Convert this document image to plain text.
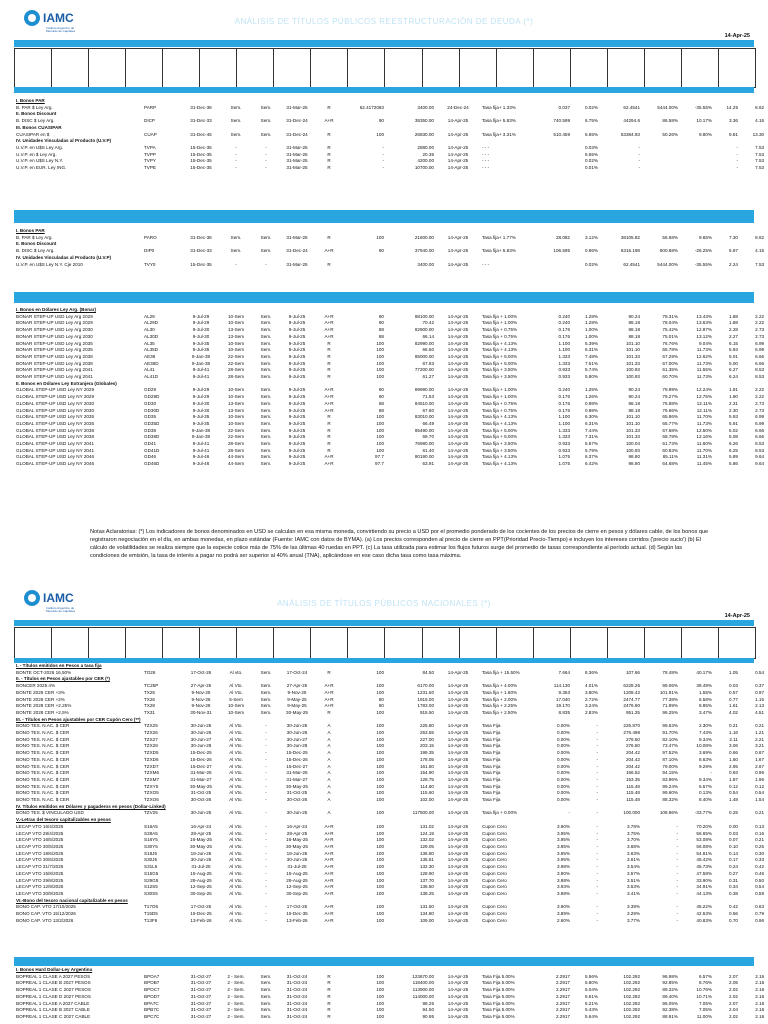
IAMC
Instituto Argentino de Mercado de Capitales
ANÁLISIS DE TÍTULOS PÚBLICOS REESTRUCTURACIÓN DE DEUDA (*)
14-Apr-25
I. Bonos PAR																	
B. PAR $ Ley Arg.	PARP	31-Dec-38	Sem.	Sem.	31-Mar-25	R	62.4172083	3400.00	24-Dec-24	Tasa fija+ 1.33%	0.037	0.02%	62.4541	5444.00%	-35.55%	14.25	8.62
II. Bonos Discount																	
B. DISC $ Ley Arg.	DICP	31-Dec-33	Sem.	Sem.	31-Dec-24	A+R	90	38350.00	14-Apr-25	Tasa fija+ 5.83%	740.599	6.75%	44294.6	86.58%	10.17%	3.36	4.16
III. Bonos CUASIPAR																	
CUASIPAR en $	CUAP	31-Dec-45	Sem.	Sem.	31-Dec-24	R	100	26830.00	14-Apr-25	Tasa fija+ 3.31%	510.459	6.65%	53384.93	50.26%	9.80%	9.81	13.30
IV. Unidades Vinculadas al Producto (U.V.P)																	
U.V.P. en U$S Ley Arg.	TVPA	15-Dec-35	-	-	31-Mar-25	R	-	2880.00	14-Apr-25	- - -		0.03%	-			-	7.53
U.V.P. en $ Ley Arg.	TVPP	15-Dec-35	-	-	31-Mar-25	R	-	20.35	14-Apr-25	- - -		6.55%	-			-	7.53
U.V.P. en U$S Ley N.Y.	TVPY	15-Dec-35	-	-	31-Mar-25	R	-	4200.00	14-Apr-25	- - -		0.02%	-			-	7.53
U.V.P. en EUR. Ley ING.	TVPE	15-Dec-35	-	-	31-Mar-25	R	-	10700.00	14-Apr-25	- - -		0.01%	-			-	7.53
I. Bonos PAR																	
B. PAR $ Ley Arg.	PARO	31-Dec-38	Sem.	Sem.	31-Mar-25	R	100	21600.00	14-Apr-25	Tasa fija+ 1.77%	28.082	3.12%	38105.82	56.68%	9.65%	7.30	8.62
II. Bonos Discount																	
B. DISC $ Ley Arg.	DIP0	31-Dec-33	Sem.	Sem.	31-Dec-24	A+R	90	37940.00	14-Apr-25	Tasa fija+ 5.83%	106.595	0.96%	6316.198	600.68%	-26.25%	6.97	4.15
IV. Unidades Vinculadas al Producto (U.V.P)																	
U.V.P. en U$S Ley N.Y. Cje 2010	TVY0	15-Dec-35	-	-	31-Mar-25	R		3400.00	14-Apr-25	- - -		0.02%	62.4541	5444.00%	-35.55%	2.24	7.53
I. Bonos en Dólares Ley Arg. (Bonar)																	
BONAR STEP-UP USD Ley Arg 2029	AL29	9-Jul-29	10-Sem	Sem.	9-Jul-25	A+R	90	88100.00	14-Apr-25	Tasa fija + 1.00%	0.240	1.28%	90.24	78.31%	13.43%	1.88	2.22
BONAR STEP-UP USD Ley Arg 2029	AL29D	9-Jul-29	10-Sem	Sem.	9-Jul-25	A+R	90	70.42	14-Apr-25	Tasa fija + 1.00%	0.240	1.28%	88.18	78.04%	13.63%	1.88	2.22
BONAR STEP-UP USD Ley Arg 2030	AL30	9-Jul-30	13-Sem	Sem.	9-Jul-25	A+R	88	82900.00	14-Apr-25	Tasa fija + 0.75%	0.176	1.00%	88.18	75.42%	12.87%	2.28	2.73
BONAR STEP-UP USD Ley Arg 2030	AL30D	9-Jul-30	13-Sem	Sem.	9-Jul-25	A+R	88	66.14	14-Apr-25	Tasa fija + 0.75%	0.176	1.00%	88.18	75.01%	13.12%	2.27	2.73
BONAR STEP-UP USD Ley Arg 2035	AL35	9-Jul-35	10-Sem	Sem.	9-Jul-25	R	100	82990.00	14-Apr-25	Tasa fija + 4.13%	1.100	5.39%	101.10	76.76%	9.04%	6.15	6.99
BONAR STEP-UP USD Ley Arg 2035	AL35D	9-Jul-35	10-Sem	Sem.	9-Jul-25	R	100	66.50	14-Apr-25	Tasa fija + 4.13%	1.100	6.31%	101.10	65.78%	11.73%	5.93	6.99
BONAR STEP-UP USD Ley Arg 2038	AE38	9-Jan-38	22-Sem	Sem.	9-Jul-25	R	100	85000.00	14-Apr-25	Tasa fija + 5.00%	1.333	7.48%	101.33	67.29%	12.62%	5.01	6.66
BONAR STEP-UP USD Ley Arg 2038	AE38D	9-Jan-38	22-Sem	Sem.	9-Jul-25	R	100	67.83	14-Apr-25	Tasa fija + 5.00%	1.333	7.51%	101.33	67.00%	11.73%	5.00	6.66
BONAR STEP-UP USD Ley Arg 2041	AL41	9-Jul-41	28-Sem	Sem.	9-Jul-25	R	100	77200.00	14-Apr-25	Tasa fija + 3.50%	0.933	5.74%	100.93	61.35%	11.55%	6.27	8.53
BONAR STEP-UP USD Ley Arg 2041	AL41D	9-Jul-41	28-Sem	Sem.	9-Jul-25	R	100	61.27	14-Apr-25	Tasa fija + 3.50%	0.933	5.80%	100.93	60.70%	11.73%	6.24	8.53
II. Bonos en Dólares Ley Extranjera (Globales)																	
GLOBAL STEP-UP USD Ley NY 2029	GD29	9-Jul-29	10-Sem	Sem.	9-Jul-25	A+R	90	89990.00	14-Apr-25	Tasa fija + 1.00%	0.240	1.25%	90.24	79.99%	12.24%	1.91	2.22
GLOBAL STEP-UP USD Ley NY 2029	GD29D	9-Jul-29	10-Sem	Sem.	9-Jul-25	A+R	90	71.53	14-Apr-25	Tasa fija + 1.00%	0.176	1.26%	90.24	79.27%	12.75%	1.90	2.22
GLOBAL STEP-UP USD Ley NY 2030	GD30	9-Jul-30	13-Sem	Sem.	9-Jul-25	A+R	88	84510.00	14-Apr-25	Tasa fija + 0.75%	0.176	0.98%	88.18	76.88%	12.11%	2.31	2.73
GLOBAL STEP-UP USD Ley NY 2030	GD30D	9-Jul-30	13-Sem	Sem.	9-Jul-25	A+R	88	67.60	14-Apr-25	Tasa fija + 0.75%	0.176	0.98%	88.18	76.66%	12.11%	2.30	2.73
GLOBAL STEP-UP USD Ley NY 2035	GD35	9-Jul-35	10-Sem	Sem.	9-Jul-25	R	100	83010.00	14-Apr-25	Tasa fija + 4.13%	1.100	6.30%	101.10	65.86%	11.70%	5.93	6.99
GLOBAL STEP-UP USD Ley NY 2035	GD35D	9-Jul-35	10-Sem	Sem.	9-Jul-25	R	100	66.49	14-Apr-25	Tasa fija + 4.13%	1.100	6.31%	101.10	65.77%	11.73%	5.91	6.99
GLOBAL STEP-UP USD Ley NY 2038	GD38	9-Jan-38	22-Sem	Sem.	9-Jul-25	R	100	85490.00	14-Apr-25	Tasa fija + 5.00%	1.333	7.44%	101.33	67.68%	12.50%	5.02	6.66
GLOBAL STEP-UP USD Ley NY 2038	GD38D	9-Jan-38	22-Sem	Sem.	9-Jul-25	R	100	69.70	14-Apr-25	Tasa fija + 5.00%	1.333	7.31%	101.33	68.78%	12.16%	5.08	6.66
GLOBAL STEP-UP USD Ley NY 2041	GD41	9-Jul-41	28-Sem	Sem.	9-Jul-25	R	100	76980.00	14-Apr-25	Tasa fija + 3.50%	0.933	5.67%	100.04	61.73%	11.60%	6.26	8.53
GLOBAL STEP-UP USD Ley NY 2041	GD41D	9-Jul-41	28-Sem	Sem.	9-Jul-25	R	100	61.40	14-Apr-25	Tasa fija + 3.50%	0.933	5.79%	100.93	60.83%	11.70%	6.25	8.53
GLOBAL STEP-UP USD Ley NY 2046	GD46	9-Jul-46	44-Sem	Sem.	9-Jul-25	A+R	97.7	80190.00	14-Apr-25	Tasa fija + 4.13%	1.075	6.37%	98.80	65.11%	11.31%	5.89	9.64
GLOBAL STEP-UP USD Ley NY 2046	GD46D	9-Jul-46	44-Sem	Sem.	9-Jul-25	A+R	97.7	63.91	14-Apr-25	Tasa fija + 4.13%	1.075	6.42%	98.80	64.68%	11.45%	5.86	9.64
Notas Aclaratorias: (*) Los indicadores de bonos denominados en USD se calculan en esa misma moneda, convirtiendo su precio a USD por el promedio ponderado de los cocientes de los precios de cierre en pesos y dólares cable, de los bonos que registraron negociación en el día, en ambas monedas, en plazo estándar (Fuente: IAMC con datos de BYMA). (a) Los precios corresponden al precio de cierre en PPT(Prioridad Precio-Tiempo) e incluyen los intereses corridos ('precio sucio') (b) El cálculo de volatilidades se realiza siempre que la especie cotice más de 75% de las últimas 40 ruedas en PPT. (c) La tasa utilizada para estimar los flujos futuros surge del promedio de tasas correspondiente al período actual. (d) Según las condiciones de emisión, la tasa de interés a pagar no podrá ser superior al 40% anual (TNA), aplicándose en ese caso dicha tasa como tasa máxima.
IAMC
Instituto Argentino de Mercado de Capitales
ANÁLISIS DE TÍTULOS PÚBLICOS NACIONALES (*)
14-Apr-25
I. - Títulos emitidos en Pesos a tasa fija																	
BONTE OCT-2026 16,50%	TO26	17-Oct-26	Al vto.	Sem.	17-Oct-24	R	100	84.50	14-Apr-25	Tasa fija + 15.50%	7.664	8.36%	107.66	78.48%	40.17%	1.05	0.54
II. - Títulos en Pesos ajustables por CER (*)																	
BONCER 2025 4%	TC25P	27-Apr-25	Al Vto.	Sem.	27-Apr-25	A+R	100	6170.00	14-Apr-25	Tasa fija + 4.00%	114.130	4.01%	6228.26	99.06%	38.49%	0.03	0.37
BONTE 2025 CER +3%	TX25	9-Nov-25	Al Vto.	Sem.	9-Nov-25	A+R	100	1231.50	14-Apr-25	Tasa fija + 1.80%	9.353	3.80%	1208.42	101.91%	1.55%	0.57	0.97
BONTE 2026 CER +2%	TX26	9-Nov-26	5-Sem	Sem.	9-May-25	A+R	80	1915.00	14-Apr-25	Tasa fija + 2.00%	17.040	2.72%	2474.77	77.38%	6.58%	0.77	1.15
BONTE 2028 CER +2.25%	TX28	9-Nov-28	10-Sem	Sem.	9-May-25	A+R	80	1783.00	14-Apr-25	Tasa fija + 2.25%	19.170	3.24%	2476.90	71.99%	8.85%	1.61	2.13
BONTE 2028 CER +2,5%	TX31	30-Nov-31	10-Sem	Sem.	30-May-25	R	100	915.50	14-Apr-25	Tasa fija + 2.50%	8.835	2.83%	951.25	96.25%	3.47%	4.02	4.51
III. - Títulos en Pesos ajustables por CER Cupón Cero (**)																	
BONO TES. N.AC. $ CER	TZX25	30-Jun-25	Al Vto.	-	30-Jun-25	A	100	225.80	14-Apr-25	Tasa Fija	0.00%	-	226.870	99.53%	2.30%	0.21	0.21
BONO TES. N.AC. $ CER	TZX26	30-Jun-26	Al Vto.	-	30-Jun-26	A	100	253.55	14-Apr-25	Tasa Fija	0.00%	-	276.498	91.70%	7.43%	1.16	1.21
BONO TES. N.AC. $ CER	TZX27	30-Jun-27	Al Vto.	-	30-Jun-27	A	100	227.00	14-Apr-25	Tasa Fija	0.00%	-	276.50	82.10%	9.34%	2.11	2.21
BONO TES. N.AC. $ CER	TZX28	30-Jun-28	Al Vto.	-	30-Jun-28	A	100	203.15	14-Apr-25	Tasa Fija	0.00%	-	276.50	73.47%	10.08%	3.06	3.21
BONO TES. N.AC. $ CER	TZXD5	15-Dec-25	Al Vto.	-	15-Dec-25	A	100	199.35	14-Apr-25	Tasa Fija	0.00%	-	204.42	97.52%	3.69%	0.66	0.67
BONO TES. N.AC. $ CER	TZXD6	15-Dec-26	Al Vto.	-	15-Dec-26	A	100	178.05	14-Apr-25	Tasa Fija	0.00%	-	204.42	87.10%	8.63%	1.60	1.67
BONO TES. N.AC. $ CER	TZXD7	15-Dec-27	Al Vto.	-	15-Dec-27	A	100	161.50	14-Apr-25	Tasa Fija	0.00%	-	204.42	79.00%	9.29%	2.95	2.67
BONO TES. N.AC. $ CER	TZXM6	31-Mar-26	Al Vto.	-	31-Mar-26	A	100	154.90	14-Apr-25	Tasa Fija	0.00%	-	166.52	94.15%	-	0.93	0.96
BONO TES. N.AC. $ CER	TZXM7	31-Mar-27	Al Vto.	-	31-Mar-27	A	100	128.75	14-Apr-25	Tasa Fija	0.00%	-	153.35	83.96%	9.34%	1.87	1.96
BONO TES. N.AC. $ CER	TZXY5	30-May-25	Al Vto.	-	30-May-25	A	100	114.60	14-Apr-25	Tasa Fija	0.00%	-	115.48	99.24%	6.57%	0.12	0.12
BONO TES. N.AC. $ CER	TZXO5	31-Oct-25	Al Vto.	-	31-Oct-25	A	100	115.60	14-Apr-25	Tasa Fija	0.00%	-	115.48	99.60%	0.13%	0.54	0.54
BONO TES. N.AC. $ CER	TZXO6	30-Oct-26	Al Vto.	-	30-Oct-26	A	100	102.00	14-Apr-25	Tasa Fija	0.00%	-	115.48	88.32%	8.40%	1.48	1.54
IV. Títulos emitidos en Dólares y pagaderos en pesos (Dollar-Linked)																	
BONO TES. $ VINCULADO USD	TZV25	30-Jun-25	Al Vto.	-	30-Jun-25	A	100	117500.00	14-Apr-25	Tasa fija + 0.00%	-	-	100.000	108.96%	-33.77%	0.25	0.21
V.-Letras del tesoro capitalizables en pesos																	
LECAP VTO 16/4/2025	S16A5	16-Apr-24	Al Vto.	-	16-Apr-24	A+R	100	131.02	14-Apr-25	Cupon Cero	3.90%	-	3.78%	-	70.20%	0.00	0.13
LECAP VTO 28/4/2025	S28A5	28-Apr-25	Al Vto.	-	28-Apr-25	A+R	100	124.19	14-Apr-25	Cupon Cero	3.95%	-	3.75%	-	56.65%	0.03	0.16
LECAP VTO 16/5/2025	S16Y5	16-May-25	Al Vto.	-	16-May-25	A+R	100	132.02	14-Apr-25	Cupon Cero	3.95%	-	3.70%	-	53.08%	0.07	0.21
LECAP VTO 30/5/2025	S30Y5	30-May-25	Al Vto.	-	30-May-25	A+R	100	129.05	14-Apr-25	Cupon Cero	3.95%	-	3.68%	-	56.08%	0.10	0.25
LECAP VTO 18/6/2025	S18J5	18-Jun-25	Al Vto.	-	18-Jun-25	A+R	100	136.80	14-Apr-25	Cupon Cero	3.95%	-	3.63%	-	54.81%	0.14	0.30
LECAP VTO 30/6/2025	S30J5	30-Jun-25	Al Vto.	-	30-Jun-25	A+R	100	135.61	14-Apr-25	Cupon Cero	3.95%	-	3.61%	-	45.42%	0.17	0.33
LECAP VTO 31/7/2025	S31L5	31-Jul-25	Al Vto.	-	31-Jul-25	A+R	100	132.30	14-Apr-25	Cupon Cero	3.98%	-	3.54%	-	45.73%	0.24	0.42
LECAP VTO 15/8/2025	S15G5	15-Aug-25	Al Vto.	-	15-Aug-25	A+R	100	128.90	14-Apr-25	Cupon Cero	3.90%	-	3.57%	-	47.58%	0.27	0.46
LECAP VTO 29/8/2025	S29G5	29-Aug-25	Al Vto.	-	29-Aug-25	A+R	100	137.70	14-Apr-25	Cupon Cero	3.88%	-	3.51%	-	33.90%	0.31	0.50
LECAP VTO 12/9/2025	S12S5	12-Sep-25	Al Vto.	-	12-Sep-25	A+R	100	136.50	14-Apr-25	Cupon Cero	3.93%	-	3.53%	-	34.91%	0.34	0.54
LECAP VTO 30/9/2025	S30S5	30-Sep-25	Al Vto.	-	30-Sep-25	A+R	100	138.25	14-Apr-25	Cupon Cero	3.98%	-	3.41%	-	44.13%	0.38	0.59
VI.-Bono del tesoro nacional capitalizable en pesos																	
BONO CAP. VTO 17/10/2025	T17O5	17-Oct-25	Al Vto.	-	17-Oct-25	A+R	100	131.50	14-Apr-25	Cupon Cero	3.90%	-	3.39%	-	45.22%	0.42	0.63
BONO CAP. VTO 15/12/2026	T15D5	15-Dec-25	Al Vto.	-	15-Dec-35	A+R	100	134.80	14-Apr-25	Cupon Cero	3.89%	-	3.29%	-	42.53%	0.56	0.79
BONO CAP. VTO 13/2/2026	T13F6	13-Feb-26	Al Vto.	-	13-Feb-26	A+R	100	109.00	14-Apr-25	Cupon Cero	2.60%	-	3.77%	-	40.83%	0.70	0.96
I. Bonos Hard Dollar-Ley Argentina																	
BOPREAL 1 CLASE A 2027 PESOS	BPOA7	31-Oct-27	2 - Sem.	Sem.	31-Oct-24	R	100	123670.00	14-Apr-25	Tasa Fija 5.00%	2.2917	5.56%	102.292	96.98%	6.57%	2.07	2.16
BOPREAL 1 CLASE B 2027 PESOS	BPOB7	31-Oct-27	2 - Sem.	Sem.	31-Oct-24	R	100	118400.00	14-Apr-25	Tasa Fija 5.00%	2.2917	5.80%	102.292	92.85%	8.76%	2.05	2.16
BOPREAL 1 CLASE C 2027 PESOS	BPOC7	31-Oct-27	2 - Sem.	Sem.	31-Oct-24	R	100	113900.00	14-Apr-25	Tasa Fija 5.00%	2.2917	6.04%	102.292	89.32%	10.76%	2.02	2.16
BOPREAL 1 CLASE D 2027 PESOS	BPOD7	31-Oct-27	2 - Sem.	Sem.	31-Oct-24	R	100	114000.00	14-Apr-25	Tasa Fija 5.00%	2.2917	5.61%	102.292	89.40%	10.71%	2.02	2.16
BOPREAL 1 CLASE A 2027 CABLE	BPA7C	31-Oct-27	2 - Sem.	Sem.	31-Oct-24	R	100	98.25	14-Apr-25	Tasa Fija 5.00%	2.2917	5.21%	102.292	96.05%	7.05%	2.07	2.16
BOPREAL 1 CLASE B 2027 CABLE	BPB7C	31-Oct-27	2 - Sem.	Sem.	31-Oct-24	R	100	94.50	14-Apr-25	Tasa Fija 5.00%	2.2917	5.43%	102.292	92.38%	7.05%	2.04	2.16
BOPREAL 1 CLASE C 2027 CABLE	BPC7C	31-Oct-27	2 - Sem.	Sem.	31-Oct-24	R	100	90.95	14-Apr-25	Tasa Fija 5.00%	2.2917	5.64%	102.292	88.91%	11.00%	2.02	2.16
